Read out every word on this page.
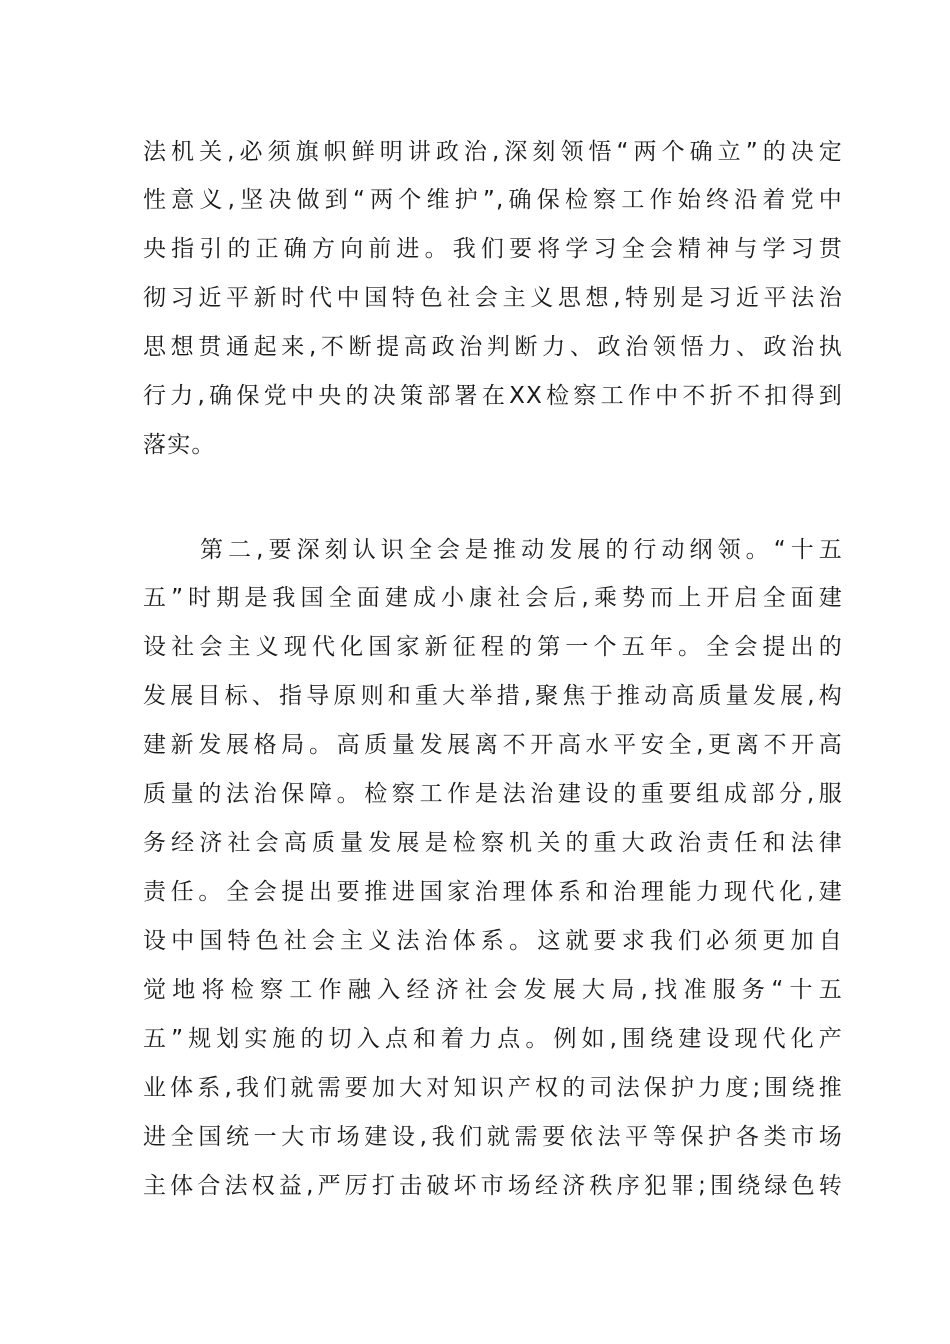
法机关,必须旗帜鲜明讲政治,深刻领悟“两个确立”的决定
性意义,坚决做到“两个维护”,确保检察工作始终沿着党中
央指引的正确方向前进。我们要将学习全会精神与学习贯
彻习近平新时代中国特色社会主义思想,特别是习近平法治
思想贯通起来,不断提高政治判断力、政治领悟力、政治执
行力,确保党中央的决策部署在XX检察工作中不折不扣得到
落实。
第二,要深刻认识全会是推动发展的行动纲领。“十五
五”时期是我国全面建成小康社会后,乘势而上开启全面建
设社会主义现代化国家新征程的第一个五年。全会提出的
发展目标、指导原则和重大举措,聚焦于推动高质量发展,构
建新发展格局。高质量发展离不开高水平安全,更离不开高
质量的法治保障。检察工作是法治建设的重要组成部分,服
务经济社会高质量发展是检察机关的重大政治责任和法律
责任。全会提出要推进国家治理体系和治理能力现代化,建
设中国特色社会主义法治体系。这就要求我们必须更加自
觉地将检察工作融入经济社会发展大局,找准服务“十五
五”规划实施的切入点和着力点。例如,围绕建设现代化产
业体系,我们就需要加大对知识产权的司法保护力度;围绕推
进全国统一大市场建设,我们就需要依法平等保护各类市场
主体合法权益,严厉打击破坏市场经济秩序犯罪;围绕绿色转
